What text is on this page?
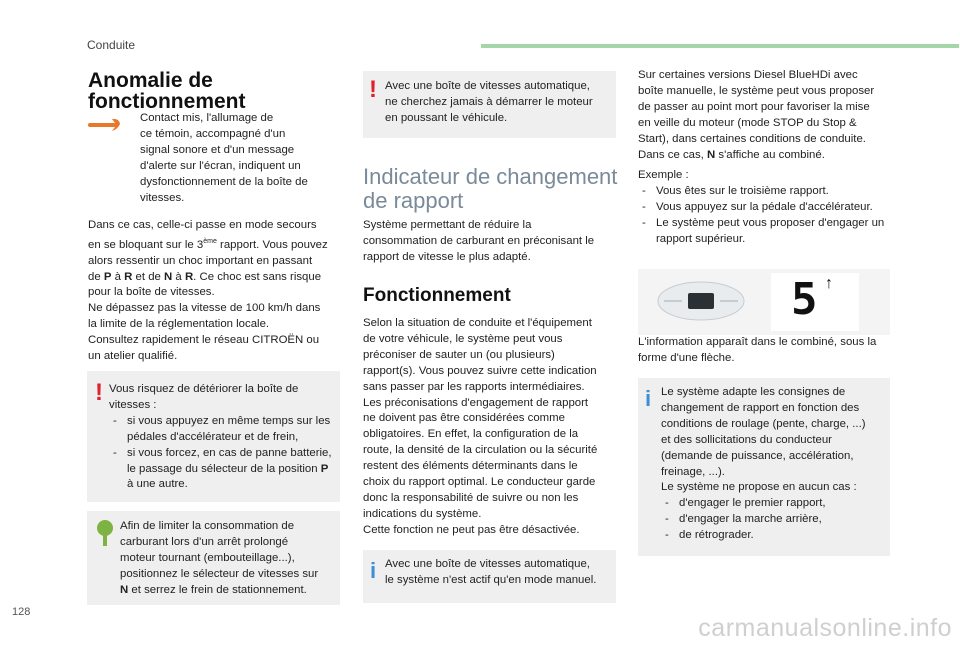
Conduite
Anomalie de
fonctionnement
Contact mis, l'allumage de
ce témoin, accompagné d'un
signal sonore et d'un message
d'alerte sur l'écran, indiquent un
dysfonctionnement de la boîte de
vitesses.
Dans ce cas, celle-ci passe en mode secours
en se bloquant sur le 3ème rapport. Vous pouvez
alors ressentir un choc important en passant
de P à R et de N à R. Ce choc est sans risque
pour la boîte de vitesses.
Ne dépassez pas la vitesse de 100 km/h dans
la limite de la réglementation locale.
Consultez rapidement le réseau CITROËN ou
un atelier qualifié.
! Vous risquez de détériorer la boîte de
vitesses :
- si vous appuyez en même temps sur les pédales d'accélérateur et de frein,
- si vous forcez, en cas de panne batterie, le passage du sélecteur de la position P à une autre.
Afin de limiter la consommation de
carburant lors d'un arrêt prolongé
moteur tournant (embouteillage...),
positionnez le sélecteur de vitesses sur
N et serrez le frein de stationnement.
! Avec une boîte de vitesses automatique,
ne cherchez jamais à démarrer le moteur
en poussant le véhicule.
Indicateur de changement
de rapport
Système permettant de réduire la
consommation de carburant en préconisant le
rapport de vitesse le plus adapté.
Fonctionnement
Selon la situation de conduite et l'équipement
de votre véhicule, le système peut vous
préconiser de sauter un (ou plusieurs)
rapport(s). Vous pouvez suivre cette indication
sans passer par les rapports intermédiaires.
Les préconisations d'engagement de rapport
ne doivent pas être considérées comme
obligatoires. En effet, la configuration de la
route, la densité de la circulation ou la sécurité
restent des éléments déterminants dans le
choix du rapport optimal. Le conducteur garde
donc la responsabilité de suivre ou non les
indications du système.
Cette fonction ne peut pas être désactivée.
i Avec une boîte de vitesses automatique,
le système n'est actif qu'en mode manuel.
Sur certaines versions Diesel BlueHDi avec
boîte manuelle, le système peut vous proposer
de passer au point mort pour favoriser la mise
en veille du moteur (mode STOP du Stop &
Start), dans certaines conditions de conduite.
Dans ce cas, N s'affiche au combiné.
Exemple :
- Vous êtes sur le troisième rapport.
- Vous appuyez sur la pédale d'accélérateur.
- Le système peut vous proposer d'engager un rapport supérieur.
5 ↑
L'information apparaît dans le combiné, sous la
forme d'une flèche.
i Le système adapte les consignes de
changement de rapport en fonction des
conditions de roulage (pente, charge, ...)
et des sollicitations du conducteur
(demande de puissance, accélération,
freinage, ...).
Le système ne propose en aucun cas :
- d'engager le premier rapport,
- d'engager la marche arrière,
- de rétrograder.
128
carmanualsonline.info
